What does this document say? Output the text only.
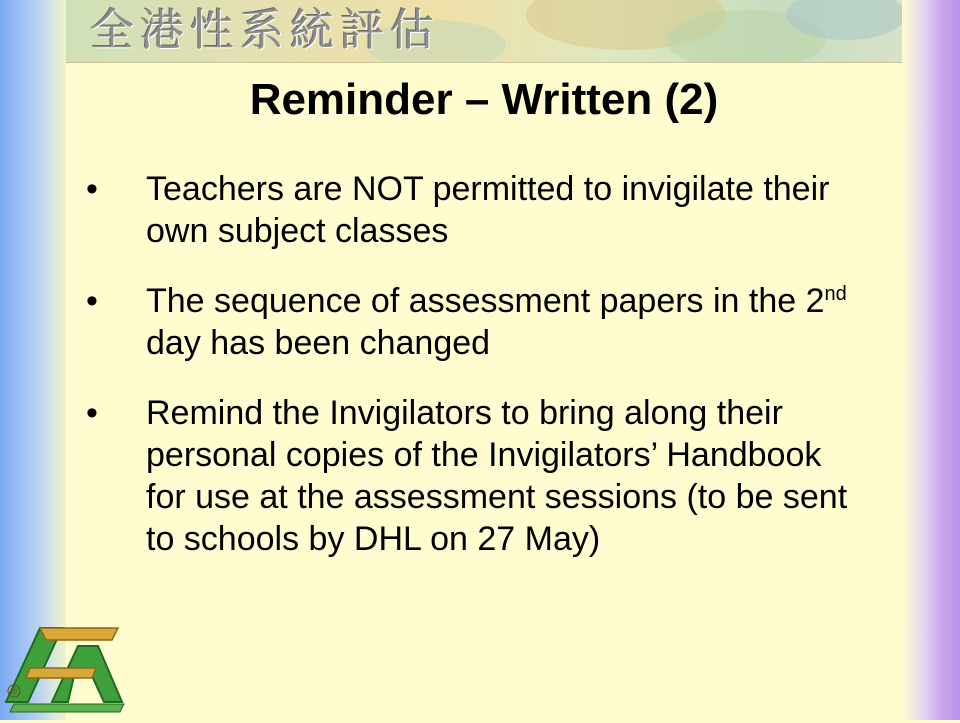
全港性系統評估
Reminder – Written (2)
•	Teachers are NOT permitted to invigilate their own subject classes
•	The sequence of assessment papers in the 2nd day has been changed
•	Remind the Invigilators to bring along their personal copies of the Invigilators’ Handbook for use at the assessment sessions (to be sent to schools by DHL on 27 May)
®
